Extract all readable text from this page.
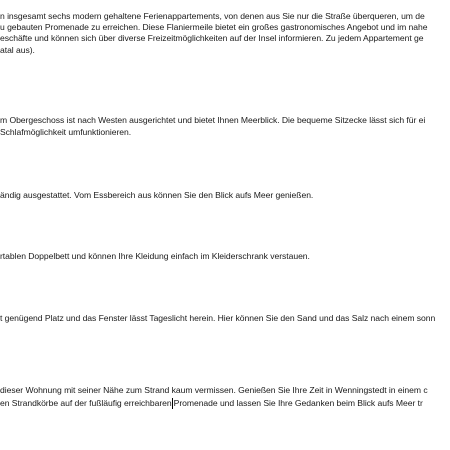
n insgesamt sechs modern gehaltene Ferienappartements, von denen aus Sie nur die Straße überqueren, um de
u gebauten Promenade zu erreichen. Diese Flaniermeile bietet ein großes gastronomisches Angebot und im nahe
eschäfte und können sich über diverse Freizeitmöglichkeiten auf der Insel informieren. Zu jedem Appartement ge
atal aus).
m Obergeschoss ist nach Westen ausgerichtet und bietet Ihnen Meerblick. Die bequeme Sitzecke lässt sich für ei
Schlafmöglichkeit umfunktionieren.
ändig ausgestattet. Vom Essbereich aus können Sie den Blick aufs Meer genießen.
rtablen Doppelbett und können Ihre Kleidung einfach im Kleiderschrank verstauen.
t genügend Platz und das Fenster lässt Tageslicht herein. Hier können Sie den Sand und das Salz nach einem sonn
dieser Wohnung mit seiner Nähe zum Strand kaum vermissen. Genießen Sie Ihre Zeit in Wenningstedt in einem c
en Strandkörbe auf der fußläufig erreichbaren Promenade und lassen Sie Ihre Gedanken beim Blick aufs Meer tr
